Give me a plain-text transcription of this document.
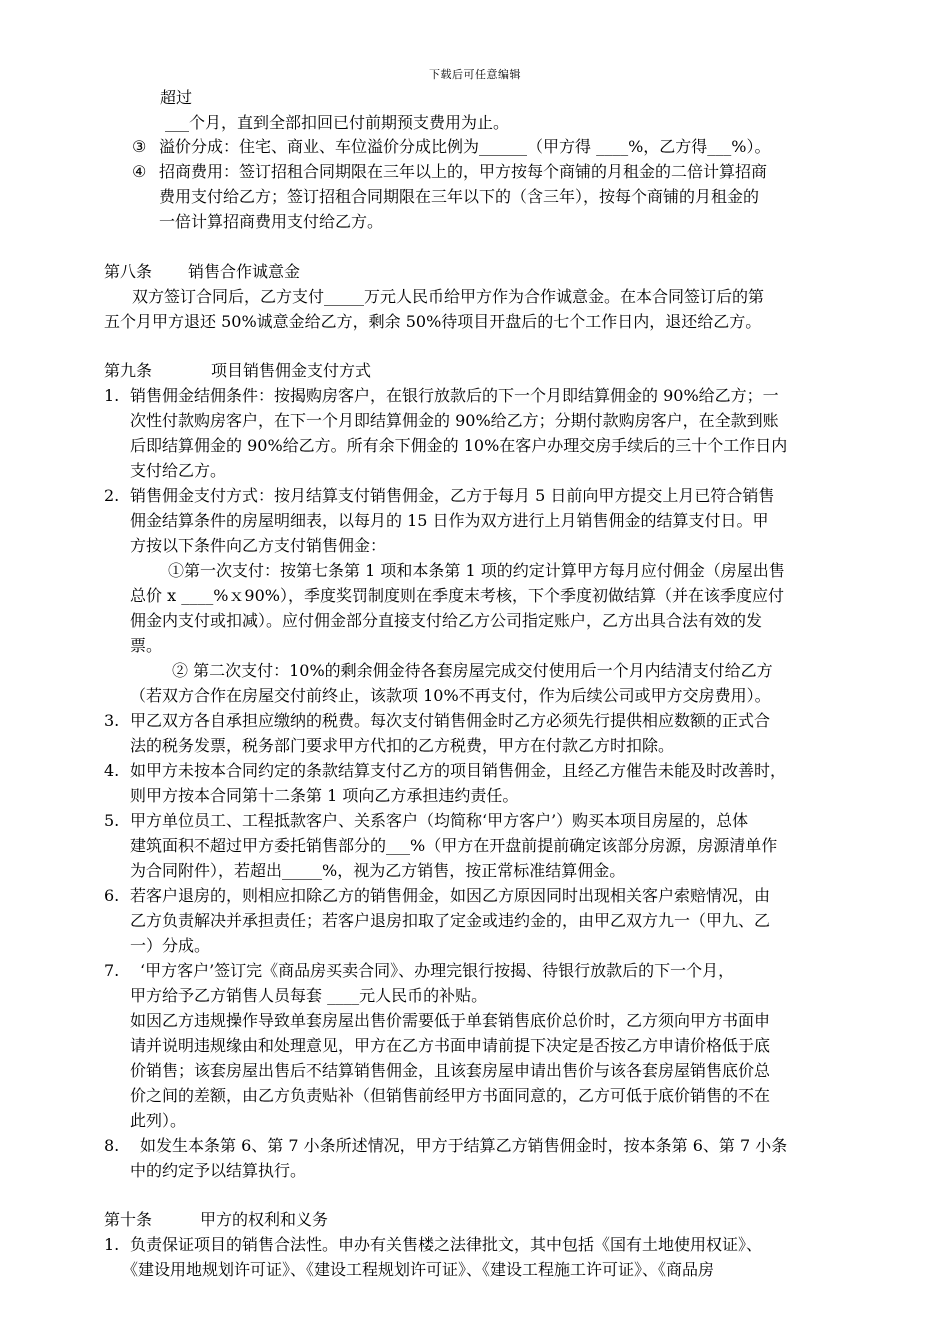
下载后可任意编辑
超过
___个月，直到全部扣回已付前期预支费用为止。
③ 溢价分成：住宅、商业、车位溢价分成比例为______（甲方得 ____%，乙方得___%）。
④ 招商费用：签订招租合同期限在三年以上的，甲方按每个商铺的月租金的二倍计算招商
费用支付给乙方；签订招租合同期限在三年以下的（含三年），按每个商铺的月租金的
一倍计算招商费用支付给乙方。
第八条 销售合作诚意金
双方签订合同后，乙方支付_____万元人民币给甲方作为合作诚意金。在本合同签订后的第
五个月甲方退还 50%诚意金给乙方，剩余 50%待项目开盘后的七个工作日内，退还给乙方。
第九条	项目销售佣金支付方式
1. 销售佣金结佣条件：按揭购房客户，在银行放款后的下一个月即结算佣金的 90%给乙方；一
次性付款购房客户，在下一个月即结算佣金的 90%给乙方；分期付款购房客户，在全款到账
后即结算佣金的 90%给乙方。所有余下佣金的 10%在客户办理交房手续后的三十个工作日内
支付给乙方。
2. 销售佣金支付方式：按月结算支付销售佣金，乙方于每月 5 日前向甲方提交上月已符合销售
佣金结算条件的房屋明细表，以每月的 15 日作为双方进行上月销售佣金的结算支付日。甲
方按以下条件向乙方支付销售佣金：
①第一次支付：按第七条第 1 项和本条第 1 项的约定计算甲方每月应付佣金（房屋出售
总价 x ____%ｘ90%），季度奖罚制度则在季度末考核，下个季度初做结算（并在该季度应付
佣金内支付或扣减）。应付佣金部分直接支付给乙方公司指定账户，乙方出具合法有效的发
票。
② 第二次支付：10%的剩余佣金待各套房屋完成交付使用后一个月内结清支付给乙方
（若双方合作在房屋交付前终止，该款项 10%不再支付，作为后续公司或甲方交房费用）。
3. 甲乙双方各自承担应缴纳的税费。每次支付销售佣金时乙方必须先行提供相应数额的正式合
法的税务发票，税务部门要求甲方代扣的乙方税费，甲方在付款乙方时扣除。
4. 如甲方未按本合同约定的条款结算支付乙方的项目销售佣金，且经乙方催告未能及时改善时，
则甲方按本合同第十二条第 1 项向乙方承担违约责任。
5. 甲方单位员工、工程抵款客户、关系客户（均简称‘甲方客户’）购买本项目房屋的，总体
建筑面积不超过甲方委托销售部分的___%（甲方在开盘前提前确定该部分房源，房源清单作
为合同附件），若超出_____%，视为乙方销售，按正常标准结算佣金。
6. 若客户退房的，则相应扣除乙方的销售佣金，如因乙方原因同时出现相关客户索赔情况，由
乙方负责解决并承担责任；若客户退房扣取了定金或违约金的，由甲乙双方九一（甲九、乙
一）分成。
7. ‘甲方客户’签订完《商品房买卖合同》、办理完银行按揭、待银行放款后的下一个月，
甲方给予乙方销售人员每套 ____元人民币的补贴。
如因乙方违规操作导致单套房屋出售价需要低于单套销售底价总价时，乙方须向甲方书面申
请并说明违规缘由和处理意见，甲方在乙方书面申请前提下决定是否按乙方申请价格低于底
价销售；该套房屋出售后不结算销售佣金，且该套房屋申请出售价与该各套房屋销售底价总
价之间的差额，由乙方负责贴补（但销售前经甲方书面同意的，乙方可低于底价销售的不在
此列）。
8. 如发生本条第 6、第 7 小条所述情况，甲方于结算乙方销售佣金时，按本条第 6、第 7 小条
中的约定予以结算执行。
第十条	甲方的权利和义务
1. 负责保证项目的销售合法性。申办有关售楼之法律批文，其中包括《国有土地使用权证》、
《建设用地规划许可证》、《建设工程规划许可证》、《建设工程施工许可证》、《商品房
